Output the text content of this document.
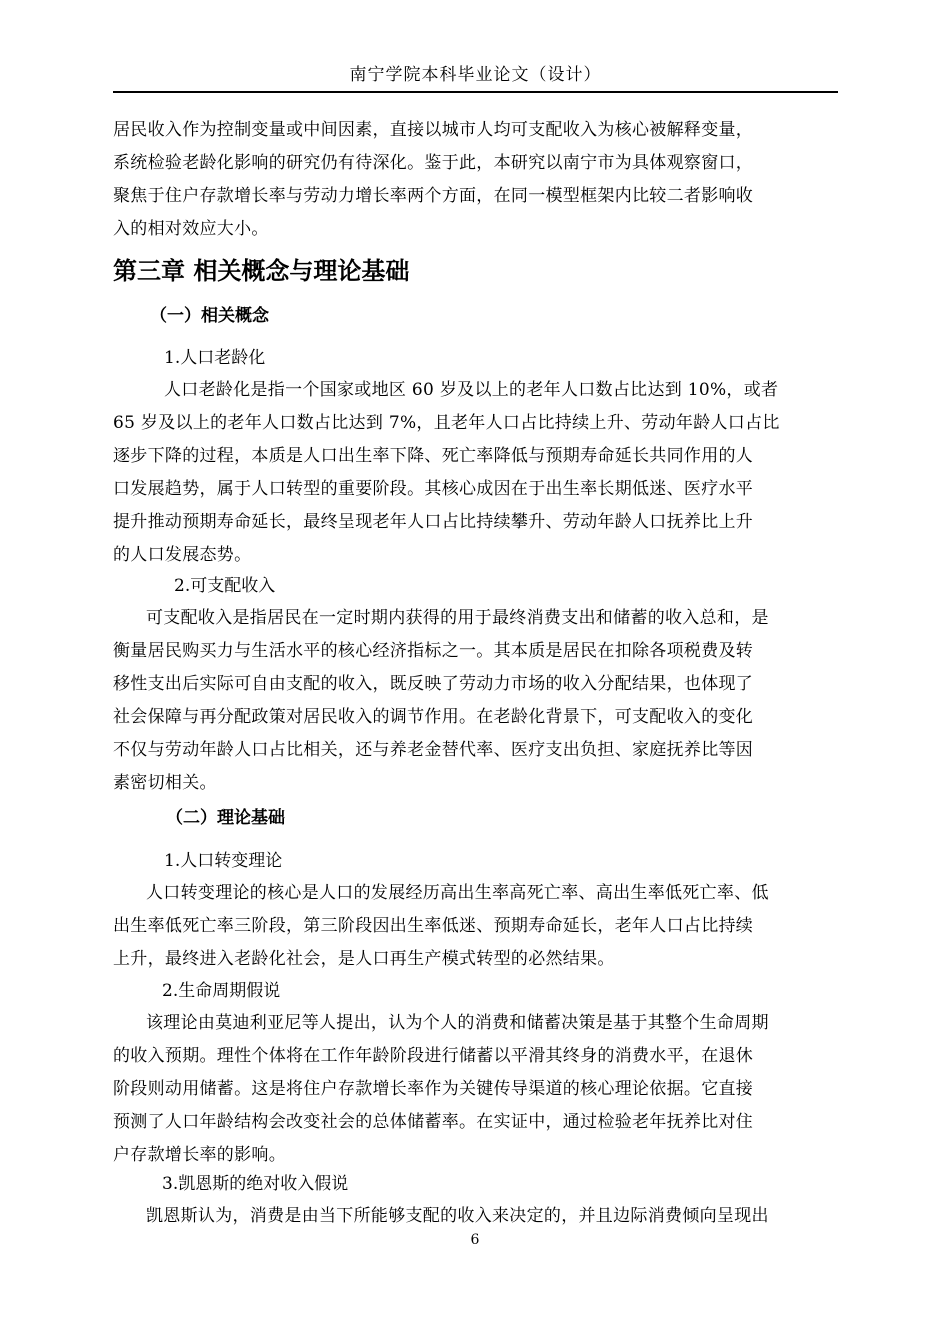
南宁学院本科毕业论文（设计）
居民收入作为控制变量或中间因素，直接以城市人均可支配收入为核心被解释变量，
系统检验老龄化影响的研究仍有待深化。鉴于此，本研究以南宁市为具体观察窗口，
聚焦于住户存款增长率与劳动力增长率两个方面，在同一模型框架内比较二者影响收
入的相对效应大小。
第三章 相关概念与理论基础
（一）相关概念
1.人口老龄化
人口老龄化是指一个国家或地区 60 岁及以上的老年人口数占比达到 10%，或者
65 岁及以上的老年人口数占比达到 7%，且老年人口占比持续上升、劳动年龄人口占比
逐步下降的过程，本质是人口出生率下降、死亡率降低与预期寿命延长共同作用的人
口发展趋势，属于人口转型的重要阶段。其核心成因在于出生率长期低迷、医疗水平
提升推动预期寿命延长，最终呈现老年人口占比持续攀升、劳动年龄人口抚养比上升
的人口发展态势。
2.可支配收入
可支配收入是指居民在一定时期内获得的用于最终消费支出和储蓄的收入总和，是
衡量居民购买力与生活水平的核心经济指标之一。其本质是居民在扣除各项税费及转
移性支出后实际可自由支配的收入，既反映了劳动力市场的收入分配结果，也体现了
社会保障与再分配政策对居民收入的调节作用。在老龄化背景下，可支配收入的变化
不仅与劳动年龄人口占比相关，还与养老金替代率、医疗支出负担、家庭抚养比等因
素密切相关。
（二）理论基础
1.人口转变理论
人口转变理论的核心是人口的发展经历高出生率高死亡率、高出生率低死亡率、低
出生率低死亡率三阶段，第三阶段因出生率低迷、预期寿命延长，老年人口占比持续
上升，最终进入老龄化社会，是人口再生产模式转型的必然结果。
2.生命周期假说
该理论由莫迪利亚尼等人提出，认为个人的消费和储蓄决策是基于其整个生命周期
的收入预期。理性个体将在工作年龄阶段进行储蓄以平滑其终身的消费水平，在退休
阶段则动用储蓄。这是将住户存款增长率作为关键传导渠道的核心理论依据。它直接
预测了人口年龄结构会改变社会的总体储蓄率。在实证中，通过检验老年抚养比对住
户存款增长率的影响。
3.凯恩斯的绝对收入假说
凯恩斯认为，消费是由当下所能够支配的收入来决定的，并且边际消费倾向呈现出
6
